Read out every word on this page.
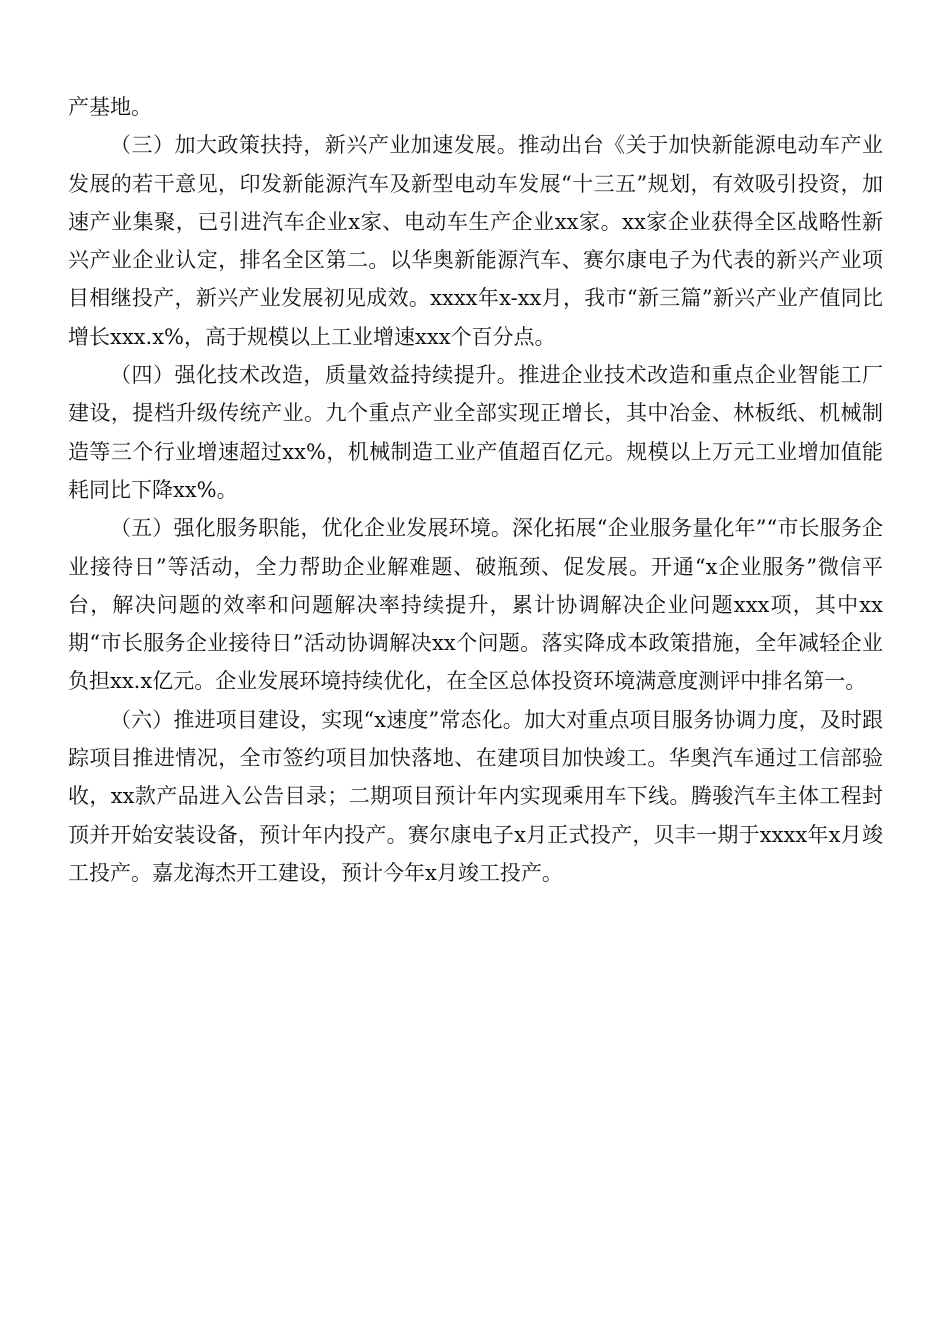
产基地。

（三）加大政策扶持，新兴产业加速发展。推动出台《关于加快新能源电动车产业发展的若干意见，印发新能源汽车及新型电动车发展“十三五”规划，有效吸引投资，加速产业集聚，已引进汽车企业x家、电动车生产企业xx家。xx家企业获得全区战略性新兴产业企业认定，排名全区第二。以华奥新能源汽车、赛尔康电子为代表的新兴产业项目相继投产，新兴产业发展初见成效。xxxx年x-xx月，我市“新三篇”新兴产业产值同比增长xxx.x%，高于规模以上工业增速xxx个百分点。

（四）强化技术改造，质量效益持续提升。推进企业技术改造和重点企业智能工厂建设，提档升级传统产业。九个重点产业全部实现正增长，其中冶金、林板纸、机械制造等三个行业增速超过xx%，机械制造工业产值超百亿元。规模以上万元工业增加值能耗同比下降xx%。

（五）强化服务职能，优化企业发展环境。深化拓展“企业服务量化年”“市长服务企业接待日”等活动，全力帮助企业解难题、破瓶颈、促发展。开通“x企业服务”微信平台，解决问题的效率和问题解决率持续提升，累计协调解决企业问题xxx项，其中xx期“市长服务企业接待日”活动协调解决xx个问题。落实降成本政策措施，全年减轻企业负担xx.x亿元。企业发展环境持续优化，在全区总体投资环境满意度测评中排名第一。

（六）推进项目建设，实现“x速度”常态化。加大对重点项目服务协调力度，及时跟踪项目推进情况，全市签约项目加快落地、在建项目加快竣工。华奥汽车通过工信部验收，xx款产品进入公告目录；二期项目预计年内实现乘用车下线。腾骏汽车主体工程封顶并开始安装设备，预计年内投产。赛尔康电子x月正式投产，贝丰一期于xxxx年x月竣工投产。嘉龙海杰开工建设，预计今年x月竣工投产。
